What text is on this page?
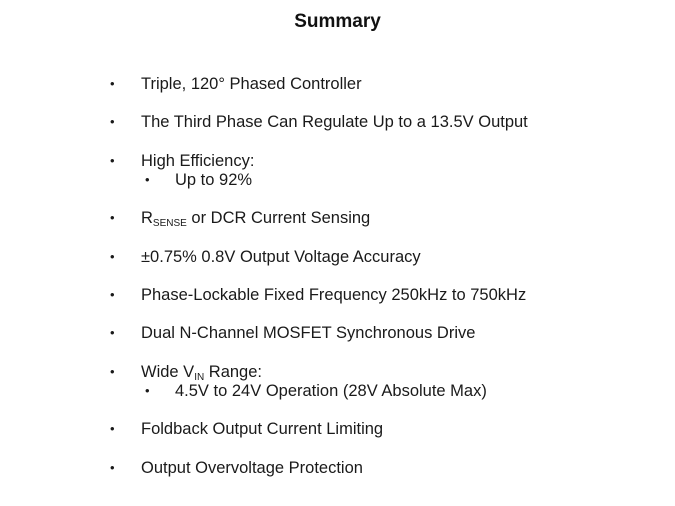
Summary
• Triple, 120° Phased Controller
• The Third Phase Can Regulate Up to a 13.5V Output
• High Efficiency:
• Up to 92%
• $R_{SENSE}$ or DCR Current Sensing
• ±0.75% 0.8V Output Voltage Accuracy
• Phase-Lockable Fixed Frequency 250kHz to 750kHz
• Dual N-Channel MOSFET Synchronous Drive
• Wide $V_{IN}$ Range:
• 4.5V to 24V Operation (28V Absolute Max)
• Foldback Output Current Limiting
• Output Overvoltage Protection
